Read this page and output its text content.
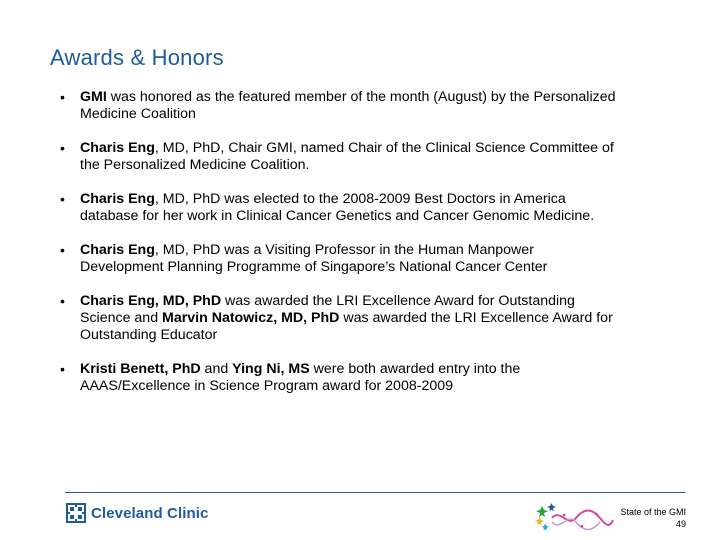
Awards & Honors
• GMI was honored as the featured member of the month (August) by the Personalized Medicine Coalition
• Charis Eng, MD, PhD, Chair GMI, named Chair of the Clinical Science Committee of the Personalized Medicine Coalition.
• Charis Eng, MD, PhD was elected to the 2008-2009 Best Doctors in America database for her work in Clinical Cancer Genetics and Cancer Genomic Medicine.
• Charis Eng, MD, PhD was a Visiting Professor in the Human Manpower Development Planning Programme of Singapore’s National Cancer Center
• Charis Eng, MD, PhD was awarded the LRI Excellence Award for Outstanding Science and Marvin Natowicz, MD, PhD was awarded the LRI Excellence Award for Outstanding Educator
• Kristi Benett, PhD and Ying Ni, MS were both awarded entry into the AAAS/Excellence in Science Program award for 2008-2009
Cleveland Clinic	State of the GMI
49
